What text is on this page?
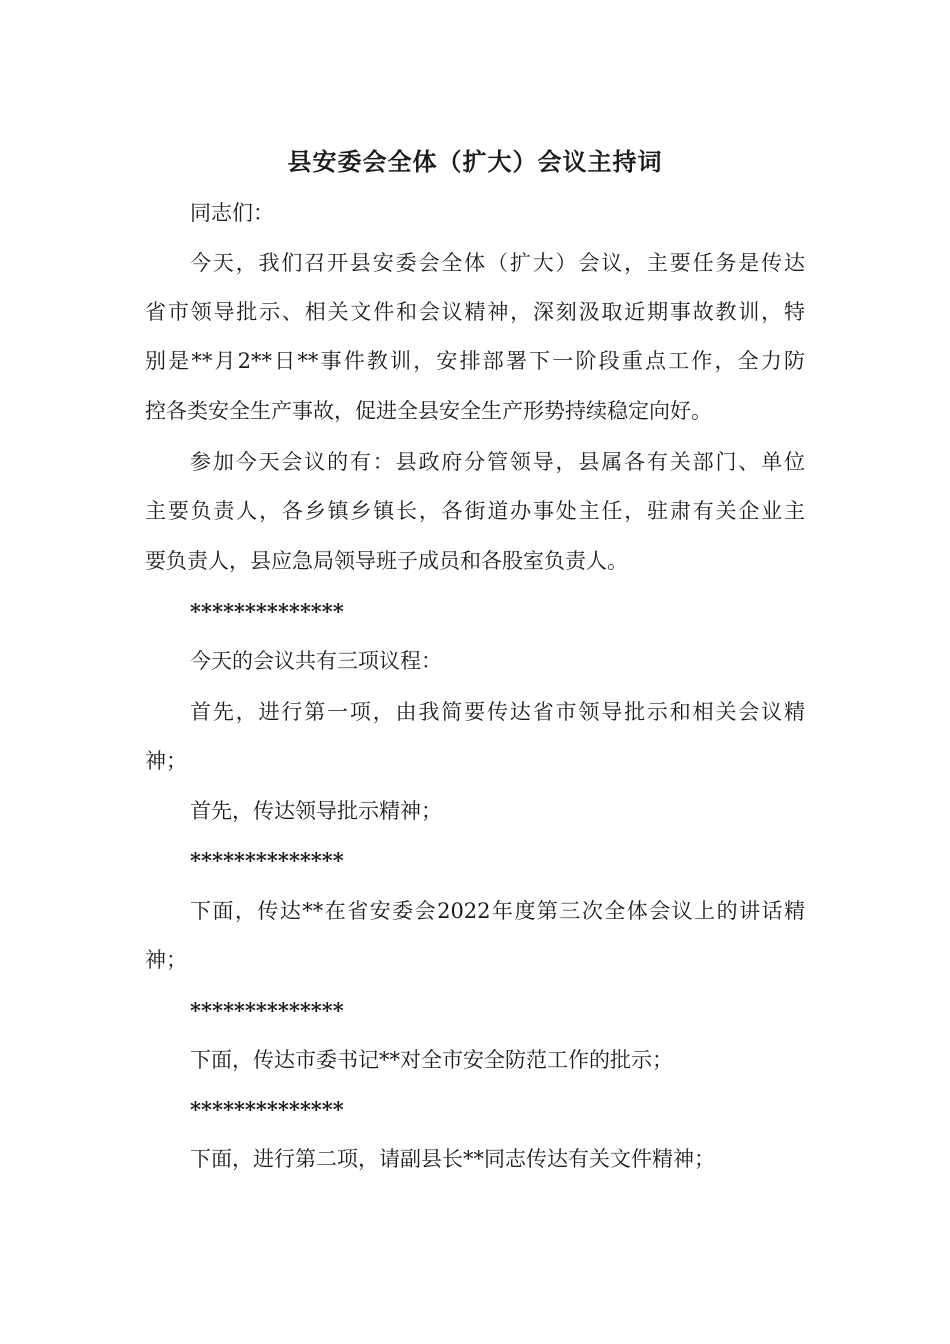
县安委会全体（扩大）会议主持词
同志们：
今天，我们召开县安委会全体（扩大）会议，主要任务是传达
省市领导批示、相关文件和会议精神，深刻汲取近期事故教训，特
别是**月2**日**事件教训，安排部署下一阶段重点工作，全力防
控各类安全生产事故，促进全县安全生产形势持续稳定向好。
参加今天会议的有：县政府分管领导，县属各有关部门、单位
主要负责人，各乡镇乡镇长，各街道办事处主任，驻肃有关企业主
要负责人，县应急局领导班子成员和各股室负责人。
**************
今天的会议共有三项议程：
首先，进行第一项，由我简要传达省市领导批示和相关会议精
神；
首先，传达领导批示精神；
**************
下面，传达**在省安委会2022年度第三次全体会议上的讲话精
神；
**************
下面，传达市委书记**对全市安全防范工作的批示；
**************
下面，进行第二项，请副县长**同志传达有关文件精神；
